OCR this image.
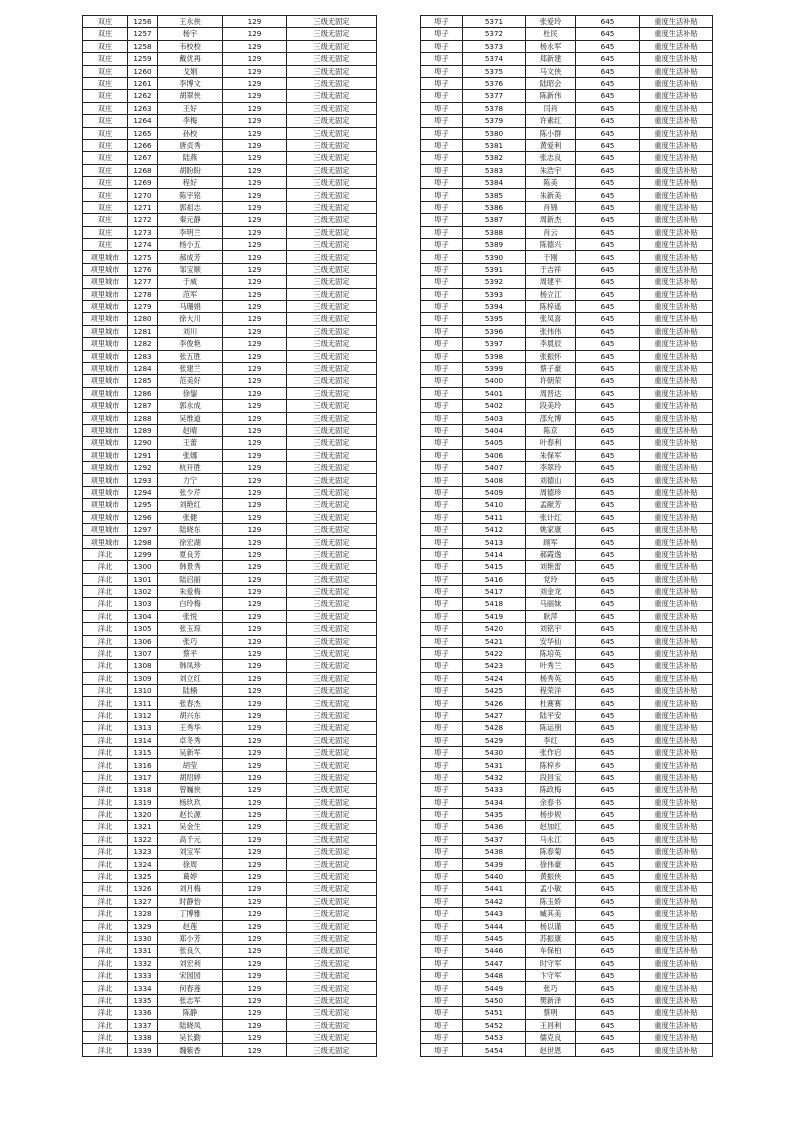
双庄	1256	王永侠	129	三级无固定
双庄	1257	杨宇	129	三级无固定
双庄	1258	韦校校	129	三级无固定
双庄	1259	戴优再	129	三级无固定
双庄	1260	戈娟	129	三级无固定
双庄	1261	李博文	129	三级无固定
双庄	1262	胡翠侠	129	三级无固定
双庄	1263	王好	129	三级无固定
双庄	1264	李梅	129	三级无固定
双庄	1265	孙校	129	三级无固定
双庄	1266	唐贞秀	129	三级无固定
双庄	1267	陆燕	129	三级无固定
双庄	1268	胡盼盼	129	三级无固定
双庄	1269	程好	129	三级无固定
双庄	1270	陈宇铭	129	三级无固定
双庄	1271	郭祖志	129	三级无固定
双庄	1272	秦元静	129	三级无固定
双庄	1273	李明兰	129	三级无固定
双庄	1274	杨小五	129	三级无固定
项里城市	1275	郝成芳	129	三级无固定
项里城市	1276	邹宝顺	129	三级无固定
项里城市	1277	于威	129	三级无固定
项里城市	1278	范军	129	三级无固定
项里城市	1279	马珊娟	129	三级无固定
项里城市	1280	徐大川	129	三级无固定
项里城市	1281	刘川	129	三级无固定
项里城市	1282	李俊艳	129	三级无固定
项里城市	1283	张五胜	129	三级无固定
项里城市	1284	张建兰	129	三级无固定
项里城市	1285	范美好	129	三级无固定
项里城市	1286	徐鋆	129	三级无固定
项里城市	1287	郭永成	129	三级无固定
项里城市	1288	吴维道	129	三级无固定
项里城市	1289	赵晴	129	三级无固定
项里城市	1290	王蕾	129	三级无固定
项里城市	1291	张娜	129	三级无固定
项里城市	1292	杭开胜	129	三级无固定
项里城市	1293	力宁	129	三级无固定
项里城市	1294	张少芹	129	三级无固定
项里城市	1295	刘艳红	129	三级无固定
项里城市	1296	张健	129	三级无固定
项里城市	1297	陆晓东	129	三级无固定
项里城市	1298	徐宏湖	129	三级无固定
洋北	1299	夏良芳	129	三级无固定
洋北	1300	韩景秀	129	三级无固定
洋北	1301	陆启丽	129	三级无固定
洋北	1302	朱爱梅	129	三级无固定
洋北	1303	白玲梅	129	三级无固定
洋北	1304	张悦	129	三级无固定
洋北	1305	张玉琼	129	三级无固定
洋北	1306	张巧	129	三级无固定
洋北	1307	蔡平	129	三级无固定
洋北	1308	韩凤珍	129	三级无固定
洋北	1309	刘立红	129	三级无固定
洋北	1310	陆楠	129	三级无固定
洋北	1311	张春杰	129	三级无固定
洋北	1312	胡兴东	129	三级无固定
洋北	1313	王秀华	129	三级无固定
洋北	1314	卓冬秀	129	三级无固定
洋北	1315	吴新军	129	三级无固定
洋北	1316	胡莹	129	三级无固定
洋北	1317	胡绍婷	129	三级无固定
洋北	1318	曾巍侠	129	三级无固定
洋北	1319	杨玖玖	129	三级无固定
洋北	1320	赵长源	129	三级无固定
洋北	1321	吴金生	129	三级无固定
洋北	1322	高千元	129	三级无固定
洋北	1323	刘宝军	129	三级无固定
洋北	1324	徐周	129	三级无固定
洋北	1325	葛婷	129	三级无固定
洋北	1326	刘月梅	129	三级无固定
洋北	1327	时静怡	129	三级无固定
洋北	1328	丁博雅	129	三级无固定
洋北	1329	赵莲	129	三级无固定
洋北	1330	郑小芳	129	三级无固定
洋北	1331	张良久	129	三级无固定
洋北	1332	刘宏利	129	三级无固定
洋北	1333	宋园园	129	三级无固定
洋北	1334	何春莲	129	三级无固定
洋北	1335	张志军	129	三级无固定
洋北	1336	陈静	129	三级无固定
洋北	1337	陆晓凤	129	三级无固定
洋北	1338	吴长勤	129	三级无固定
洋北	1339	魏紫香	129	三级无固定
埠子	5371	张爱玲	645	重度生活补贴
埠子	5372	杜民	645	重度生活补贴
埠子	5373	杨永军	645	重度生活补贴
埠子	5374	郑新建	645	重度生活补贴
埠子	5375	马文侠	645	重度生活补贴
埠子	5376	陆昭会	645	重度生活补贴
埠子	5377	陈新伟	645	重度生活补贴
埠子	5378	闫肖	645	重度生活补贴
埠子	5379	许素红	645	重度生活补贴
埠子	5380	陈小群	645	重度生活补贴
埠子	5381	黄爱利	645	重度生活补贴
埠子	5382	张志良	645	重度生活补贴
埠子	5383	朱浩宇	645	重度生活补贴
埠子	5384	陈美	645	重度生活补贴
埠子	5385	朱新美	645	重度生活补贴
埠子	5386	肖锦	645	重度生活补贴
埠子	5387	周新杰	645	重度生活补贴
埠子	5388	肖云	645	重度生活补贴
埠子	5389	陈德兴	645	重度生活补贴
埠子	5390	于刚	645	重度生活补贴
埠子	5391	于吉祥	645	重度生活补贴
埠子	5392	周建平	645	重度生活补贴
埠子	5393	杨立江	645	重度生活补贴
埠子	5394	陈梓遥	645	重度生活补贴
埠子	5395	张凤喜	645	重度生活补贴
埠子	5396	张伟伟	645	重度生活补贴
埠子	5397	李晨辰	645	重度生活补贴
埠子	5398	张振怀	645	重度生活补贴
埠子	5399	蔡子豪	645	重度生活补贴
埠子	5400	许朝荣	645	重度生活补贴
埠子	5401	周晋达	645	重度生活补贴
埠子	5402	段美玲	645	重度生活补贴
埠子	5403	邵允博	645	重度生活补贴
埠子	5404	陈京	645	重度生活补贴
埠子	5405	叶春利	645	重度生活补贴
埠子	5406	朱保军	645	重度生活补贴
埠子	5407	李翠玲	645	重度生活补贴
埠子	5408	刘德山	645	重度生活补贴
埠子	5409	周德珍	645	重度生活补贴
埠子	5410	孟献芳	645	重度生活补贴
埠子	5411	张计红	645	重度生活补贴
埠子	5412	姚家康	645	重度生活补贴
埠子	5413	顾军	645	重度生活补贴
埠子	5414	郝霞逸	645	重度生活补贴
埠子	5415	刘艳雷	645	重度生活补贴
埠子	5416	党玲	645	重度生活补贴
埠子	5417	刘金龙	645	重度生活补贴
埠子	5418	马丽妹	645	重度生活补贴
埠子	5419	耿萍	645	重度生活补贴
埠子	5420	刘铭宇	645	重度生活补贴
埠子	5421	安华仙	645	重度生活补贴
埠子	5422	陈培英	645	重度生活补贴
埠子	5423	叶秀兰	645	重度生活补贴
埠子	5424	杨秀英	645	重度生活补贴
埠子	5425	程荣洋	645	重度生活补贴
埠子	5426	杜赛赛	645	重度生活补贴
埠子	5427	陆平安	645	重度生活补贴
埠子	5428	陈运朋	645	重度生活补贴
埠子	5429	李红	645	重度生活补贴
埠子	5430	张作启	645	重度生活补贴
埠子	5431	陈梓乡	645	重度生活补贴
埠子	5432	段昌宝	645	重度生活补贴
埠子	5433	陈政梅	645	重度生活补贴
埠子	5434	余春书	645	重度生活补贴
埠子	5435	杨步规	645	重度生活补贴
埠子	5436	赵加红	645	重度生活补贴
埠子	5437	马永江	645	重度生活补贴
埠子	5438	陈春菊	645	重度生活补贴
埠子	5439	徐伟豪	645	重度生活补贴
埠子	5440	黄振侠	645	重度生活补贴
埠子	5441	孟小敏	645	重度生活补贴
埠子	5442	陈玉娇	645	重度生活补贴
埠子	5443	臧其美	645	重度生活补贴
埠子	5444	杨以谨	645	重度生活补贴
埠子	5445	苏振康	645	重度生活补贴
埠子	5446	车保柏	645	重度生活补贴
埠子	5447	时守军	645	重度生活补贴
埠子	5448	卞守军	645	重度生活补贴
埠子	5449	张巧	645	重度生活补贴
埠子	5450	樊新泽	645	重度生活补贴
埠子	5451	蔡明	645	重度生活补贴
埠子	5452	王昌利	645	重度生活补贴
埠子	5453	儒克良	645	重度生活补贴
埠子	5454	赵世恩	645	重度生活补贴
